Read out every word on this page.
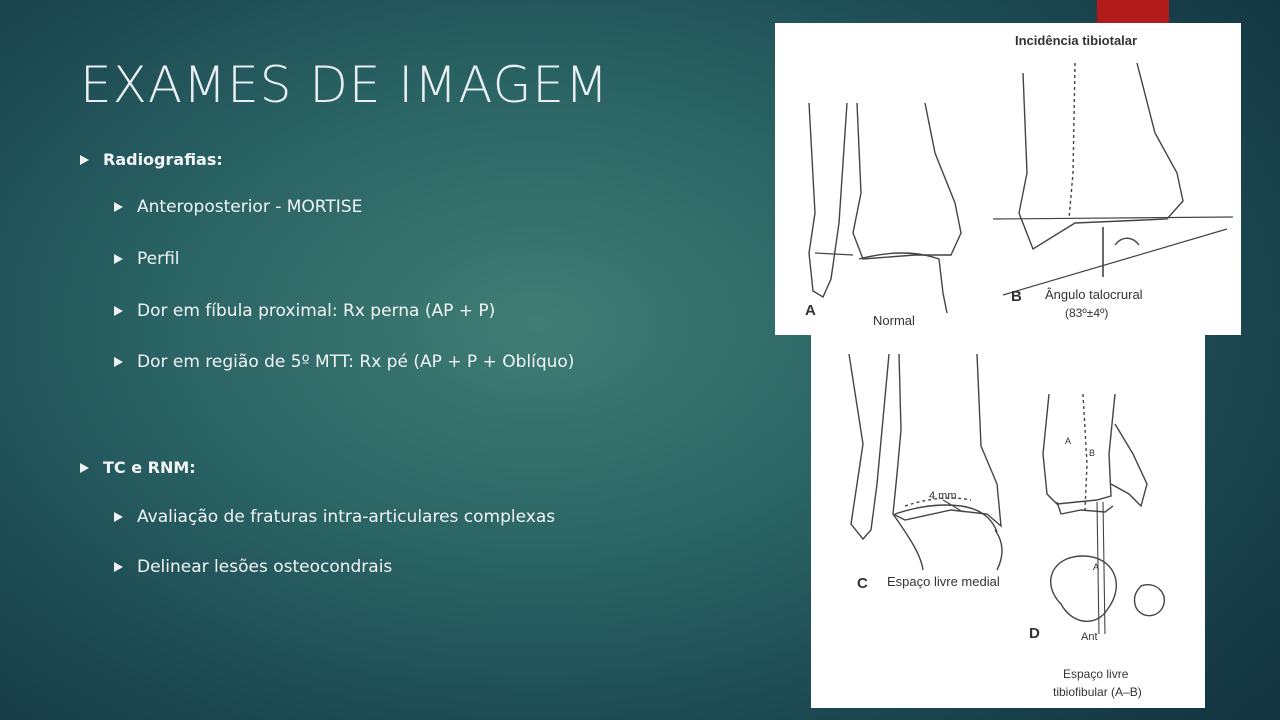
EXAMES DE IMAGEM
Radiografias:
Anteroposterior - MORTISE
Perfil
Dor em fíbula proximal: Rx perna (AP + P)
Dor em região de 5º MTT: Rx pé (AP + P + Oblíquo)
TC e RNM:
Avaliação de fraturas intra-articulares complexas
Delinear lesões osteocondrais
4 mm
C Espaço livre medial
A
B
A
D	Ant
Espaço livre
tibiofibular (A–B)
Incidência tibiotalar
A
Normal
B Ângulo talocrural
(83º±4º)
